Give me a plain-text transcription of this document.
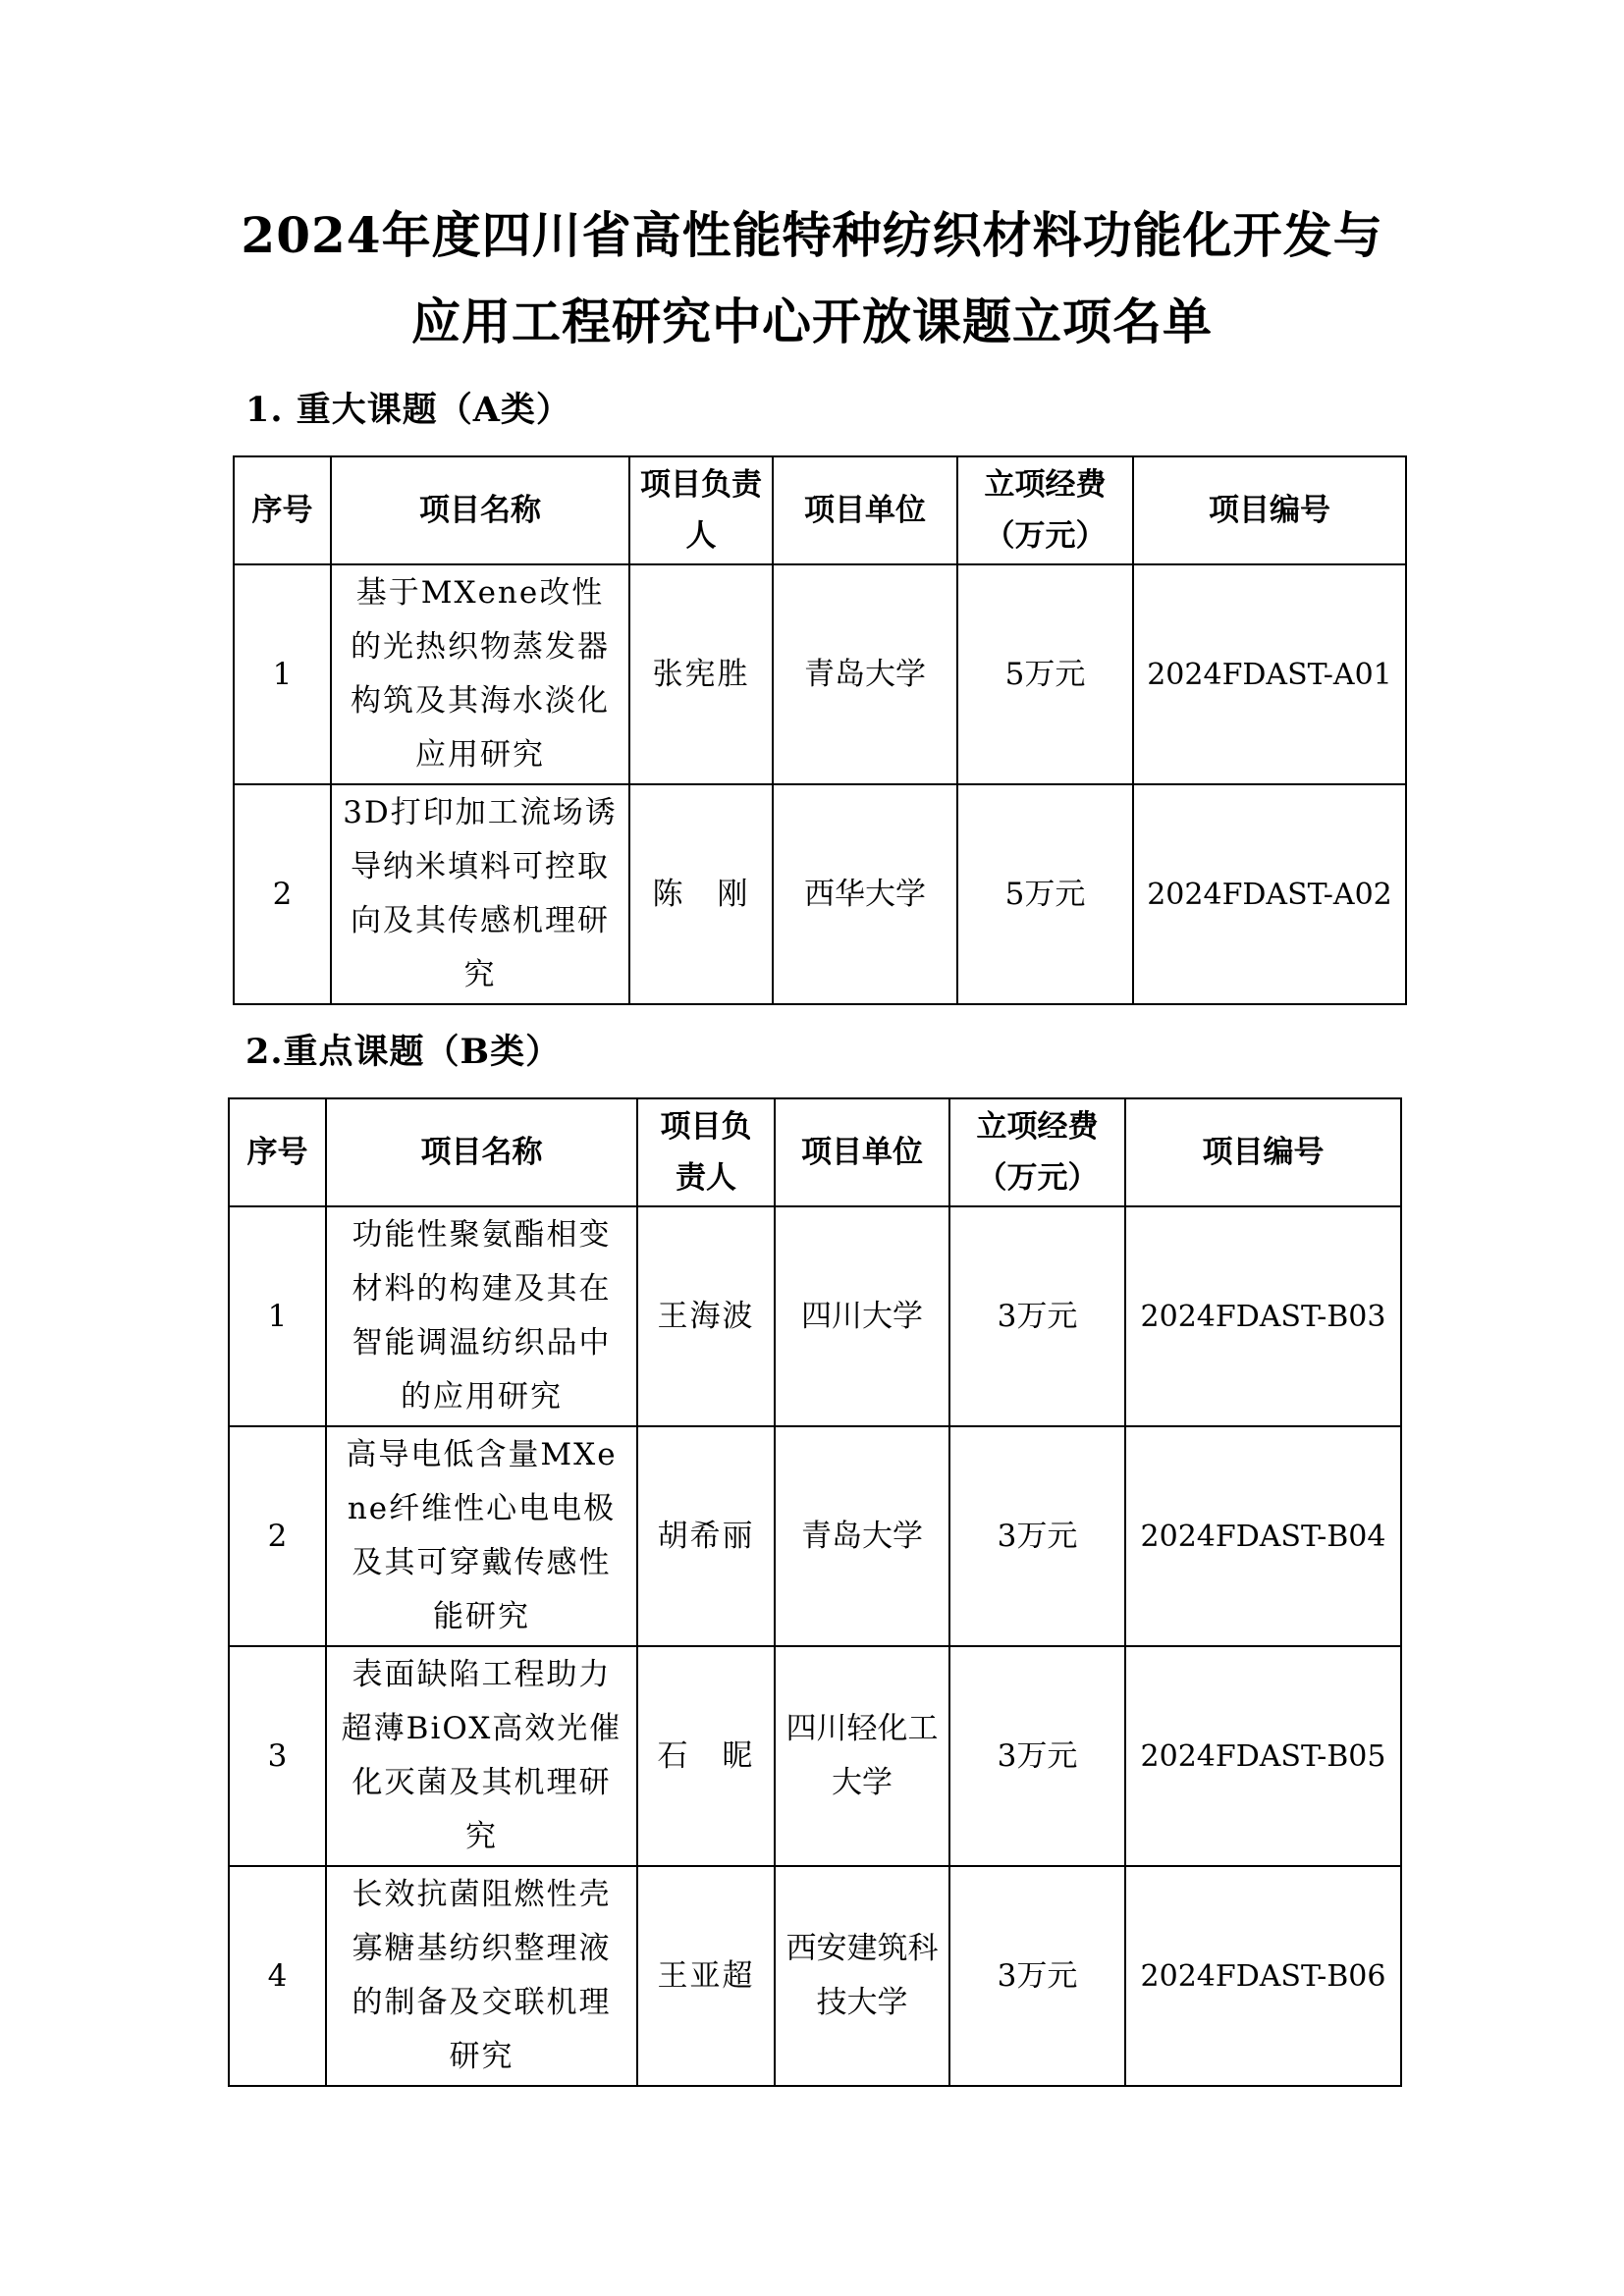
2024年度四川省高性能特种纺织材料功能化开发与
应用工程研究中心开放课题立项名单
1. 重大课题（A类）
序号	项目名称	项目负责人	项目单位	立项经费（万元）	项目编号
1	基于MXene改性的光热织物蒸发器构筑及其海水淡化应用研究	张宪胜	青岛大学	5万元	2024FDAST-A01
2	3D打印加工流场诱导纳米填料可控取向及其传感机理研究	陈　刚	西华大学	5万元	2024FDAST-A02
2.重点课题（B类）
序号	项目名称	项目负责人	项目单位	立项经费（万元）	项目编号
1	功能性聚氨酯相变材料的构建及其在智能调温纺织品中的应用研究	王海波	四川大学	3万元	2024FDAST-B03
2	高导电低含量MXene纤维性心电电极及其可穿戴传感性能研究	胡希丽	青岛大学	3万元	2024FDAST-B04
3	表面缺陷工程助力超薄BiOX高效光催化灭菌及其机理研究	石　昵	四川轻化工大学	3万元	2024FDAST-B05
4	长效抗菌阻燃性壳寡糖基纺织整理液的制备及交联机理研究	王亚超	西安建筑科技大学	3万元	2024FDAST-B06
